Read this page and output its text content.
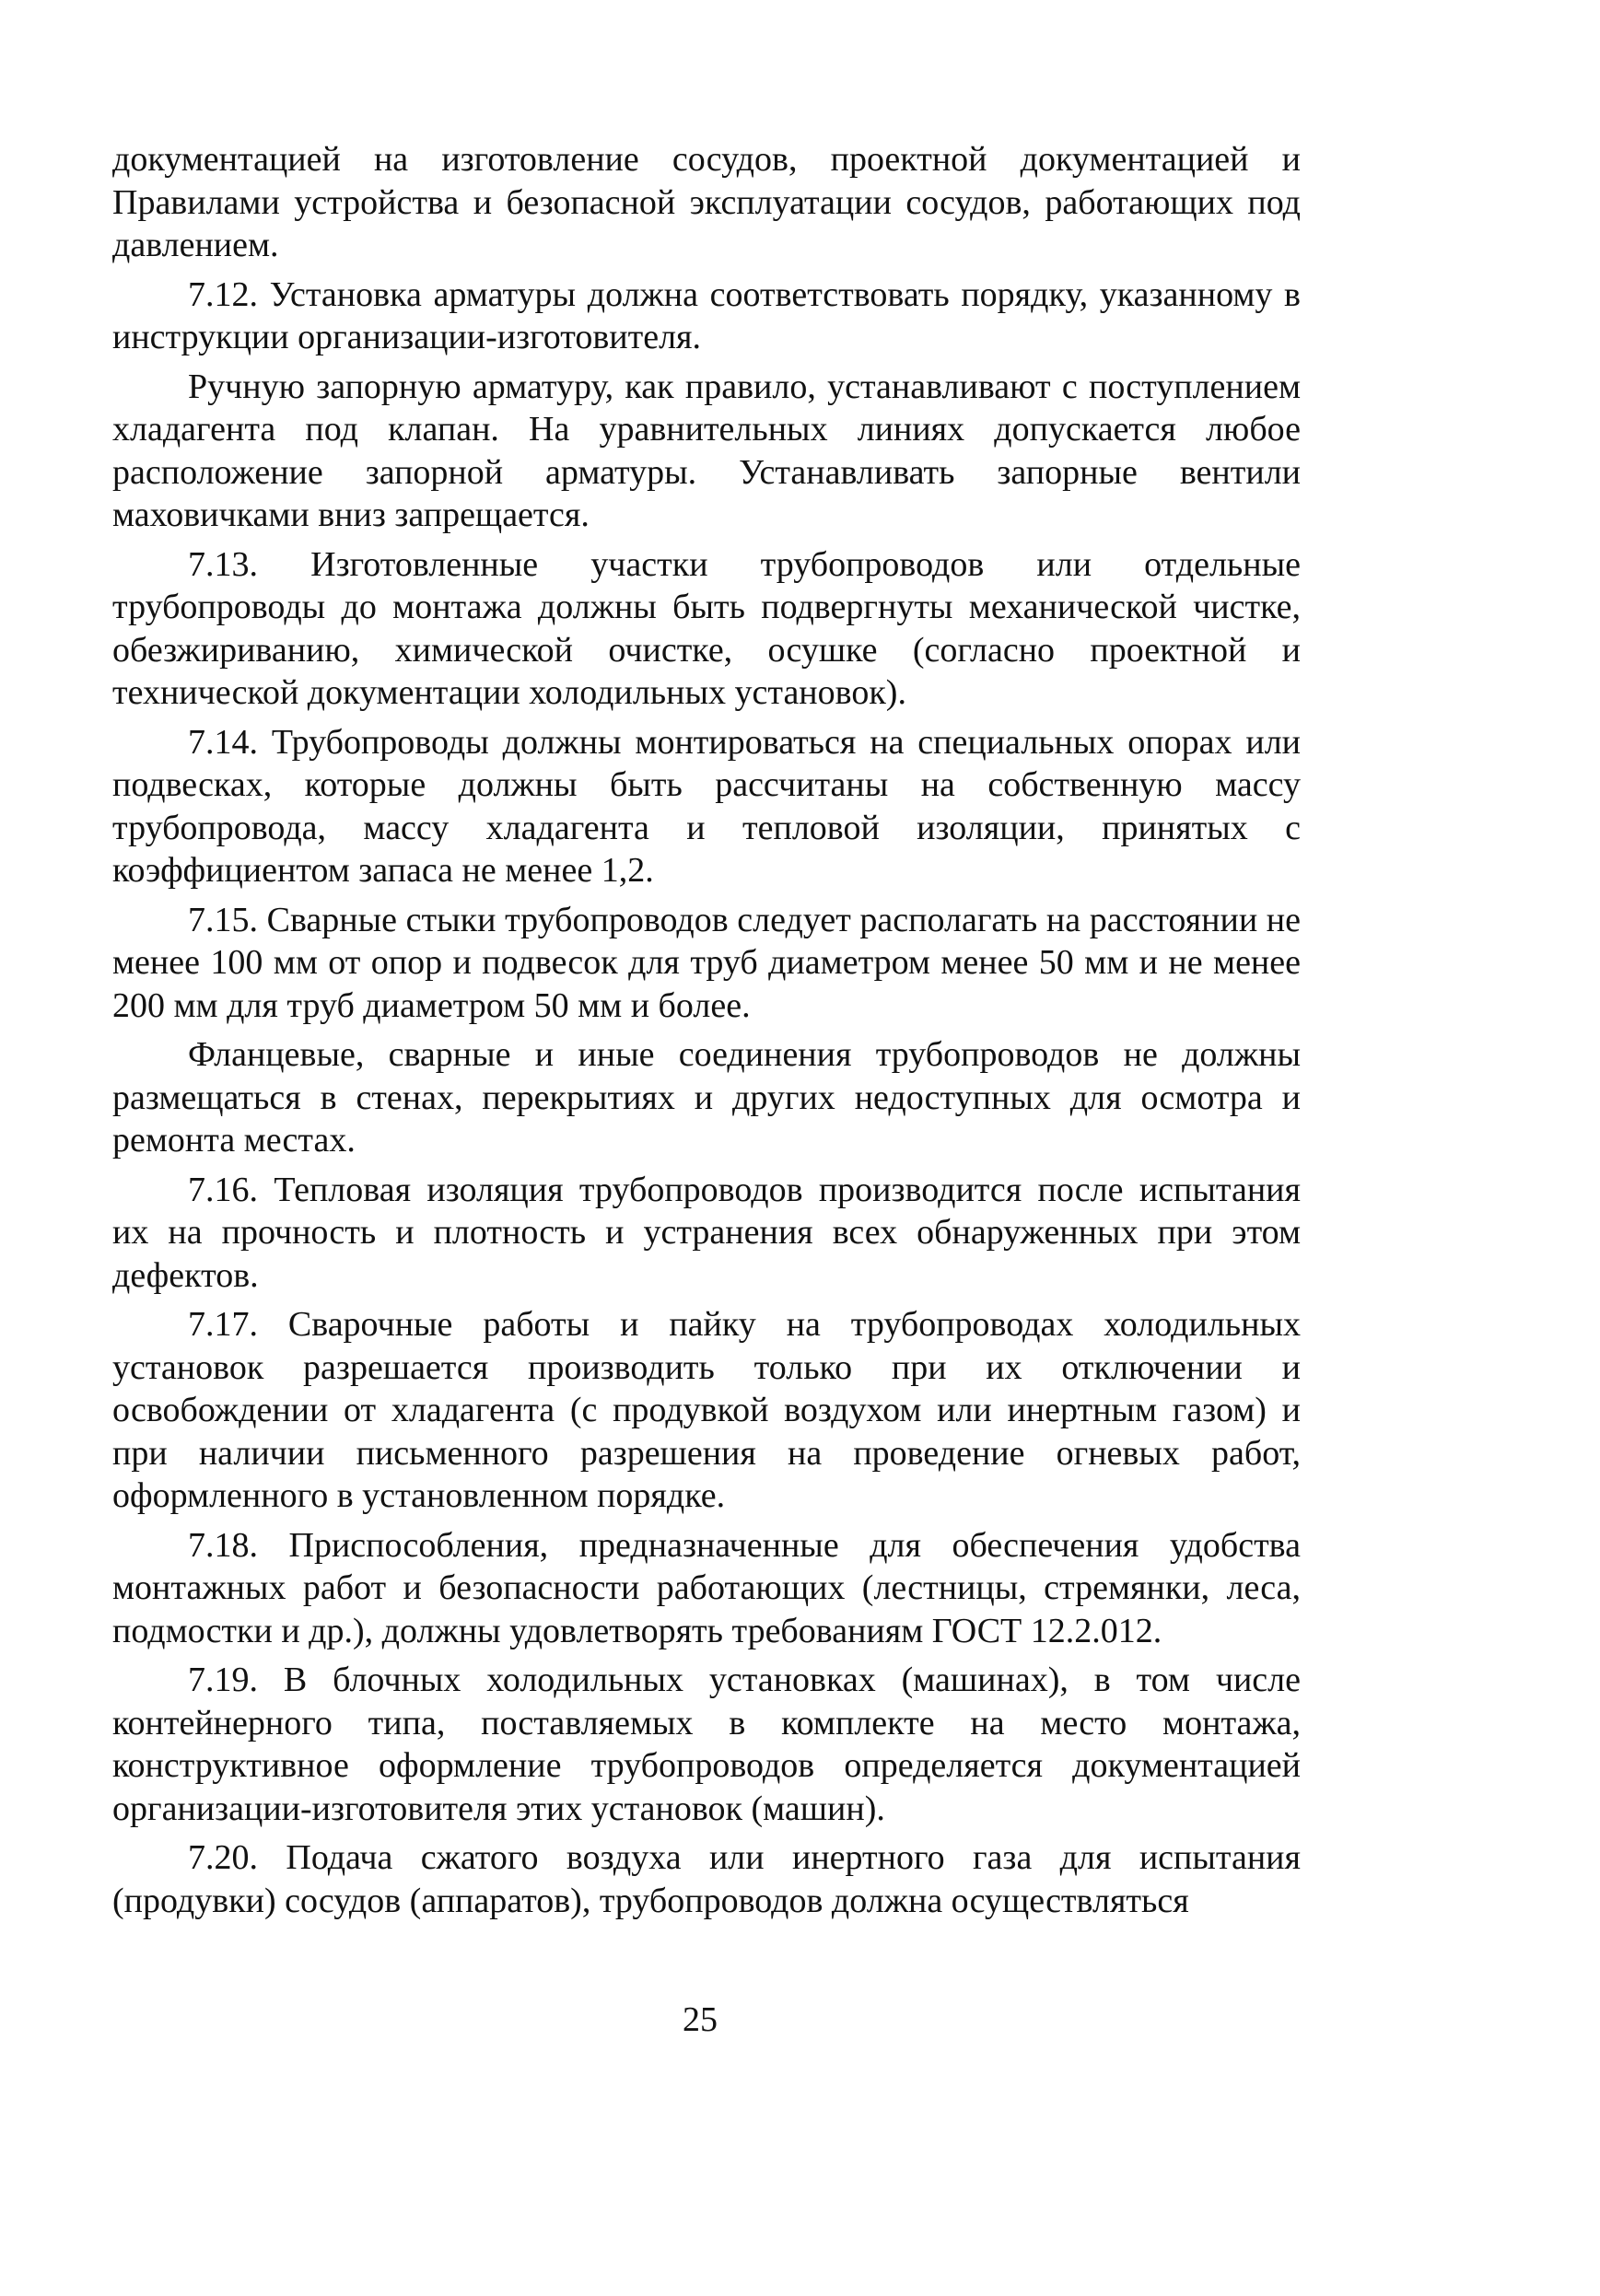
документацией на изготовление сосудов, проектной документацией и Правилами устройства и безопасной эксплуатации сосудов, работающих под давлением.

7.12. Установка арматуры должна соответствовать порядку, указанному в инструкции организации-изготовителя.

Ручную запорную арматуру, как правило, устанавливают с поступлением хладагента под клапан. На уравнительных линиях допускается любое расположение запорной арматуры. Устанавливать запорные вентили маховичками вниз запрещается.

7.13. Изготовленные участки трубопроводов или отдельные трубопроводы до монтажа должны быть подвергнуты механической чистке, обезжириванию, химической очистке, осушке (согласно проектной и технической документации холодильных установок).

7.14. Трубопроводы должны монтироваться на специальных опорах или подвесках, которые должны быть рассчитаны на собственную массу трубопровода, массу хладагента и тепловой изоляции, принятых с коэффициентом запаса не менее 1,2.

7.15. Сварные стыки трубопроводов следует располагать на расстоянии не менее 100 мм от опор и подвесок для труб диаметром менее 50 мм и не менее 200 мм для труб диаметром 50 мм и более.

Фланцевые, сварные и иные соединения трубопроводов не должны размещаться в стенах, перекрытиях и других недоступных для осмотра и ремонта местах.

7.16. Тепловая изоляция трубопроводов производится после испытания их на прочность и плотность и устранения всех обнаруженных при этом дефектов.

7.17. Сварочные работы и пайку на трубопроводах холодильных установок разрешается производить только при их отключении и освобождении от хладагента (с продувкой воздухом или инертным газом) и при наличии письменного разрешения на проведение огневых работ, оформленного в установленном порядке.

7.18. Приспособления, предназначенные для обеспечения удобства монтажных работ и безопасности работающих (лестницы, стремянки, леса, подмостки и др.), должны удовлетворять требованиям ГОСТ 12.2.012.

7.19. В блочных холодильных установках (машинах), в том числе контейнерного типа, поставляемых в комплекте на место монтажа, конструктивное оформление трубопроводов определяется документацией организации-изготовителя этих установок (машин).

7.20. Подача сжатого воздуха или инертного газа для испытания (продувки) сосудов (аппаратов), трубопроводов должна осуществляться

25
